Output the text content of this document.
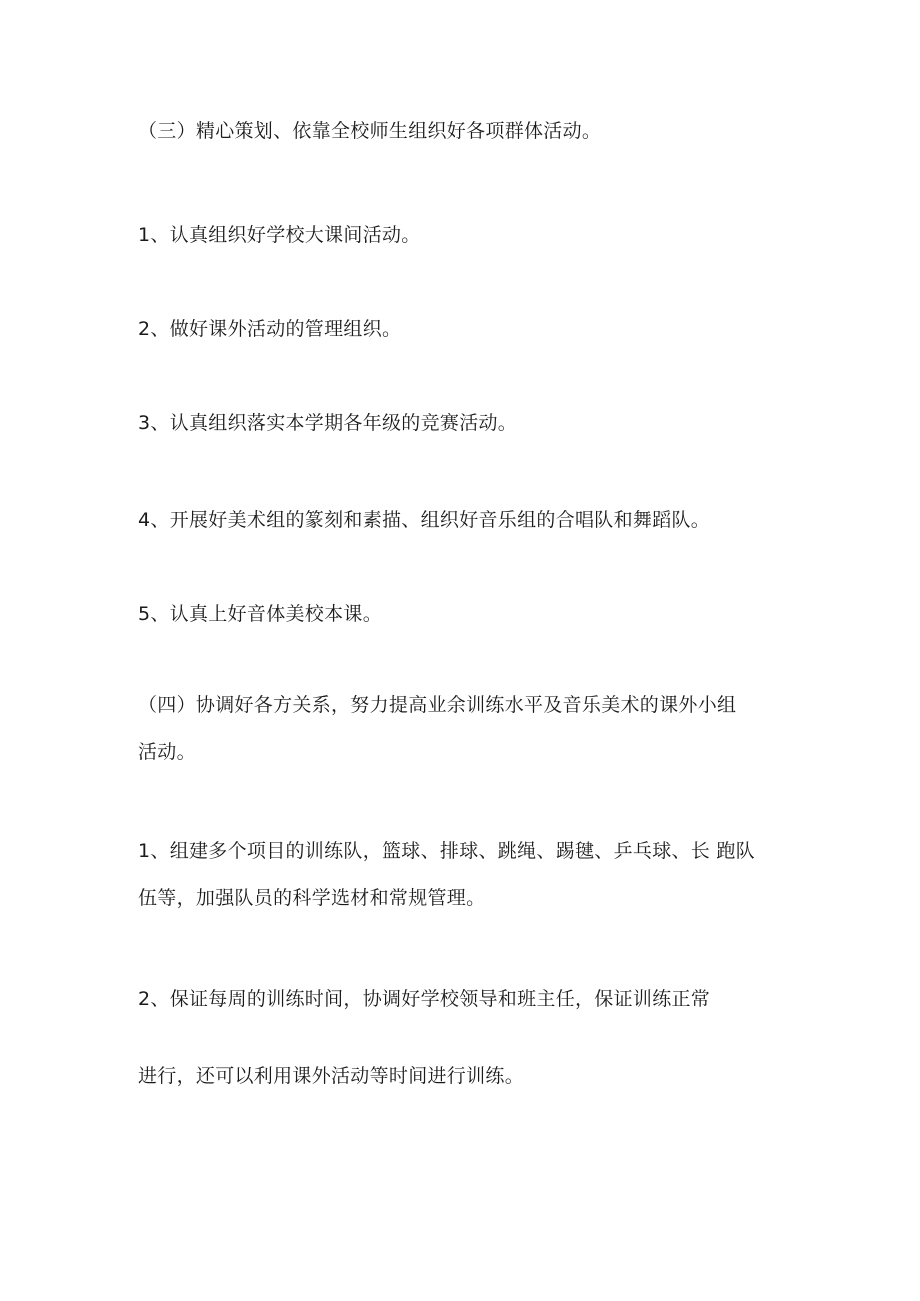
（三）精心策划、依靠全校师生组织好各项群体活动。
1、认真组织好学校大课间活动。
2、做好课外活动的管理组织。
3、认真组织落实本学期各年级的竞赛活动。
4、开展好美术组的篆刻和素描、组织好音乐组的合唱队和舞蹈队。
5、认真上好音体美校本课。
（四）协调好各方关系，努力提高业余训练水平及音乐美术的课外小组
活动。
1、组建多个项目的训练队，篮球、排球、跳绳、踢毽、乒乓球、长 跑队
伍等，加强队员的科学选材和常规管理。
2、保证每周的训练时间，协调好学校领导和班主任，保证训练正常
进行，还可以利用课外活动等时间进行训练。
